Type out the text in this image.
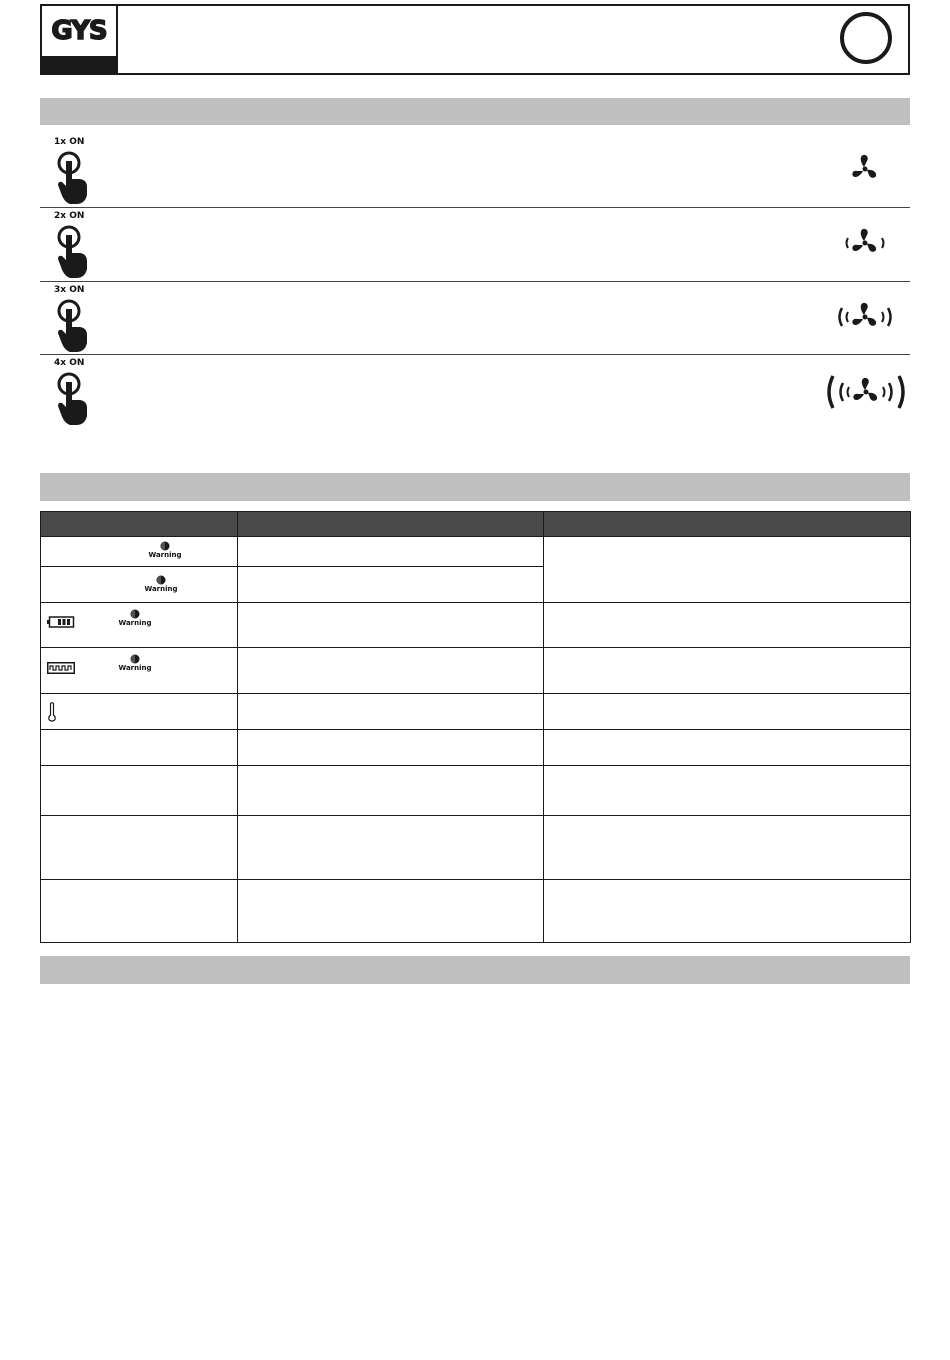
GYS
1x ON
2x ON
3x ON
4x ON

Warning		

Warning		

Warning		

Warning		
